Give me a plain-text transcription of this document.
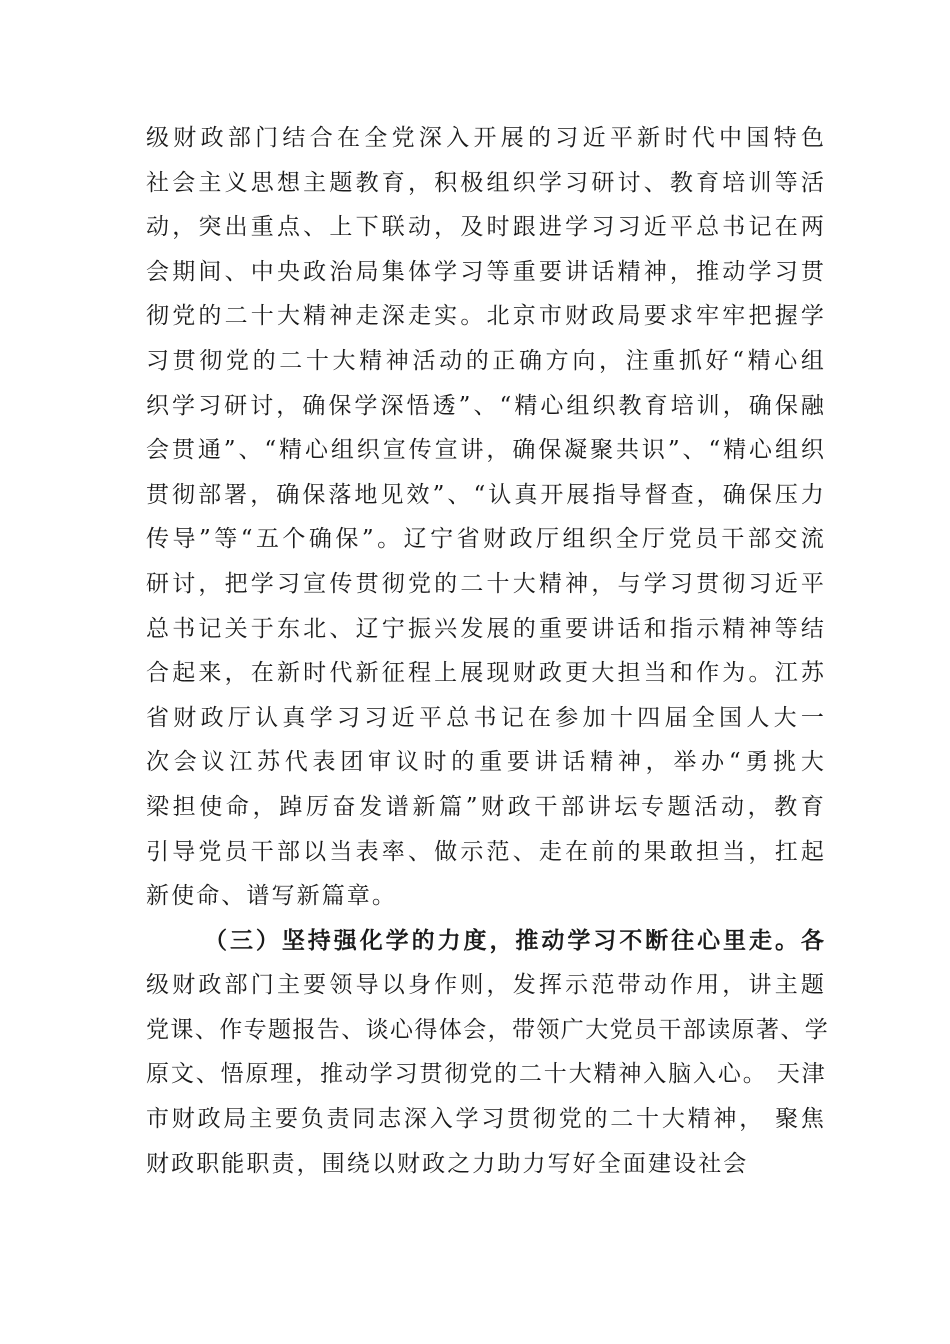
级财政部门结合在全党深入开展的习近平新时代中国特色
社会主义思想主题教育，积极组织学习研讨、教育培训等活
动，突出重点、上下联动，及时跟进学习习近平总书记在两
会期间、中央政治局集体学习等重要讲话精神，推动学习贯
彻党的二十大精神走深走实。北京市财政局要求牢牢把握学
习贯彻党的二十大精神活动的正确方向，注重抓好“精心组
织学习研讨，确保学深悟透”、“精心组织教育培训，确保融
会贯通”、“精心组织宣传宣讲，确保凝聚共识”、“精心组织
贯彻部署，确保落地见效”、“认真开展指导督查，确保压力
传导”等“五个确保”。辽宁省财政厅组织全厅党员干部交流
研讨，把学习宣传贯彻党的二十大精神，与学习贯彻习近平
总书记关于东北、辽宁振兴发展的重要讲话和指示精神等结
合起来，在新时代新征程上展现财政更大担当和作为。江苏
省财政厅认真学习习近平总书记在参加十四届全国人大一
次会议江苏代表团审议时的重要讲话精神，举办“勇挑大
梁担使命，踔厉奋发谱新篇”财政干部讲坛专题活动，教育
引导党员干部以当表率、做示范、走在前的果敢担当，扛起
新使命、谱写新篇章。
（三）坚持强化学的力度，推动学习不断往心里走。各
级财政部门主要领导以身作则，发挥示范带动作用，讲主题
党课、作专题报告、谈心得体会，带领广大党员干部读原著、学
原文、悟原理，推动学习贯彻党的二十大精神入脑入心。 天津
市财政局主要负责同志深入学习贯彻党的二十大精神， 聚焦
财政职能职责，围绕以财政之力助力写好全面建设社会
